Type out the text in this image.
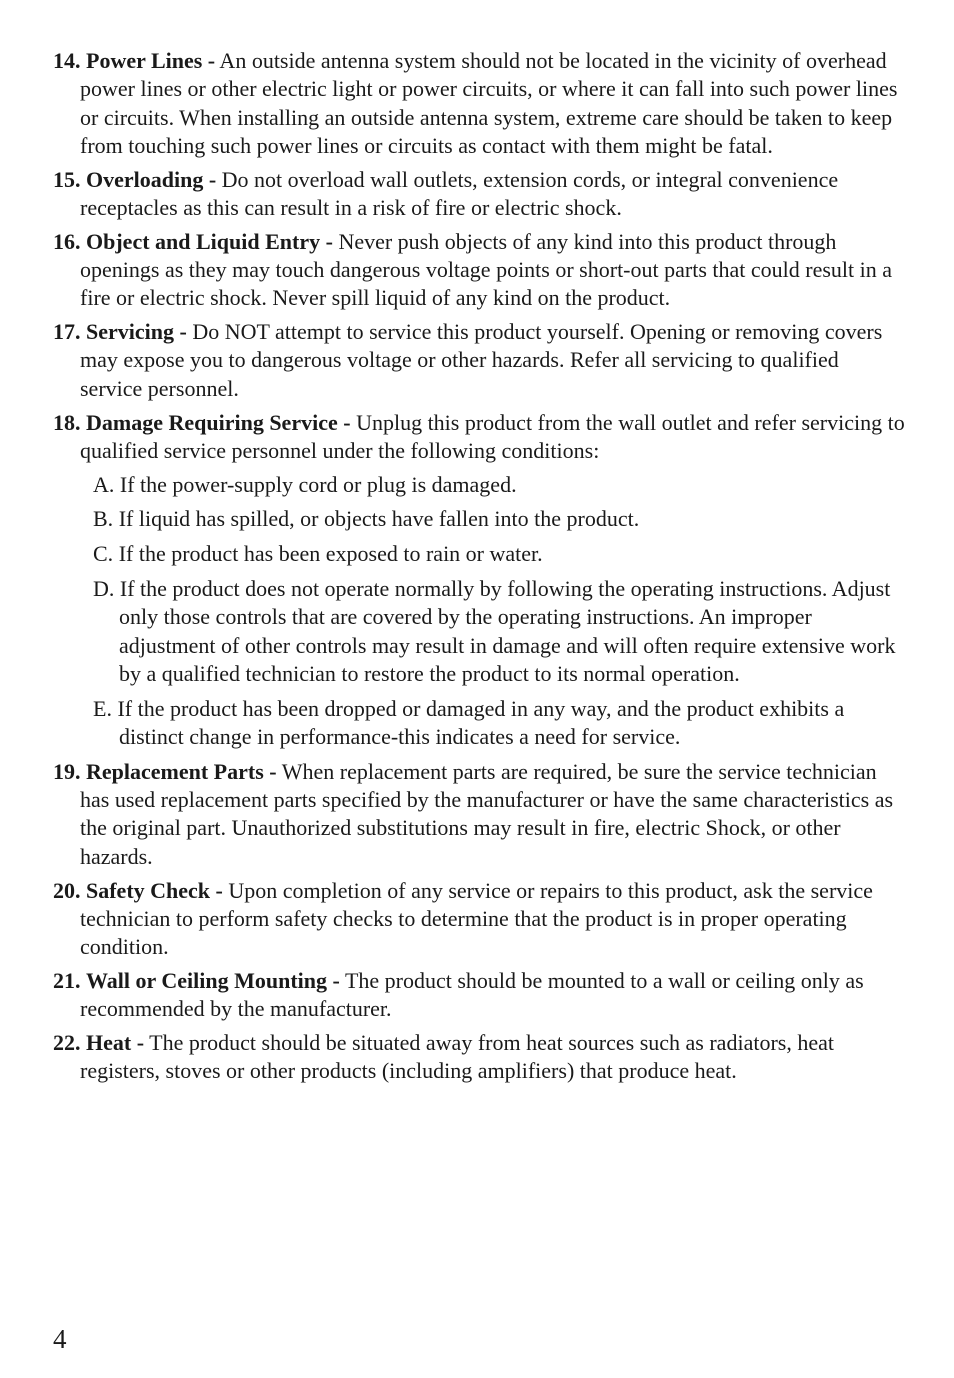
14. Power Lines - An outside antenna system should not be located in the vicinity of overhead power lines or other electric light or power circuits, or where it can fall into such power lines or circuits. When installing an outside antenna system, extreme care should be taken to keep from touching such power lines or circuits as contact with them might be fatal.

15. Overloading - Do not overload wall outlets, extension cords, or integral convenience receptacles as this can result in a risk of fire or electric shock.

16. Object and Liquid Entry - Never push objects of any kind into this product through openings as they may touch dangerous voltage points or short-out parts that could result in a fire or electric shock. Never spill liquid of any kind on the product.

17. Servicing - Do NOT attempt to service this product yourself. Opening or removing covers may expose you to dangerous voltage or other hazards. Refer all servicing to qualified service personnel.

18. Damage Requiring Service - Unplug this product from the wall outlet and refer servicing to qualified service personnel under the following conditions:

A. If the power-supply cord or plug is damaged.

B. If liquid has spilled, or objects have fallen into the product.

C. If the product has been exposed to rain or water.

D. If the product does not operate normally by following the operating instructions. Adjust only those controls that are covered by the operating instructions. An improper adjustment of other controls may result in damage and will often require extensive work by a qualified technician to restore the product to its normal operation.

E. If the product has been dropped or damaged in any way, and the product exhibits a distinct change in performance-this indicates a need for service.

19. Replacement Parts - When replacement parts are required, be sure the service technician has used replacement parts specified by the manufacturer or have the same characteristics as the original part. Unauthorized substitutions may result in fire, electric Shock, or other hazards.

20. Safety Check - Upon completion of any service or repairs to this product, ask the service technician to perform safety checks to determine that the product is in proper operating condition.

21. Wall or Ceiling Mounting - The product should be mounted to a wall or ceiling only as recommended by the manufacturer.

22. Heat - The product should be situated away from heat sources such as radiators, heat registers, stoves or other products (including amplifiers) that produce heat.

4
